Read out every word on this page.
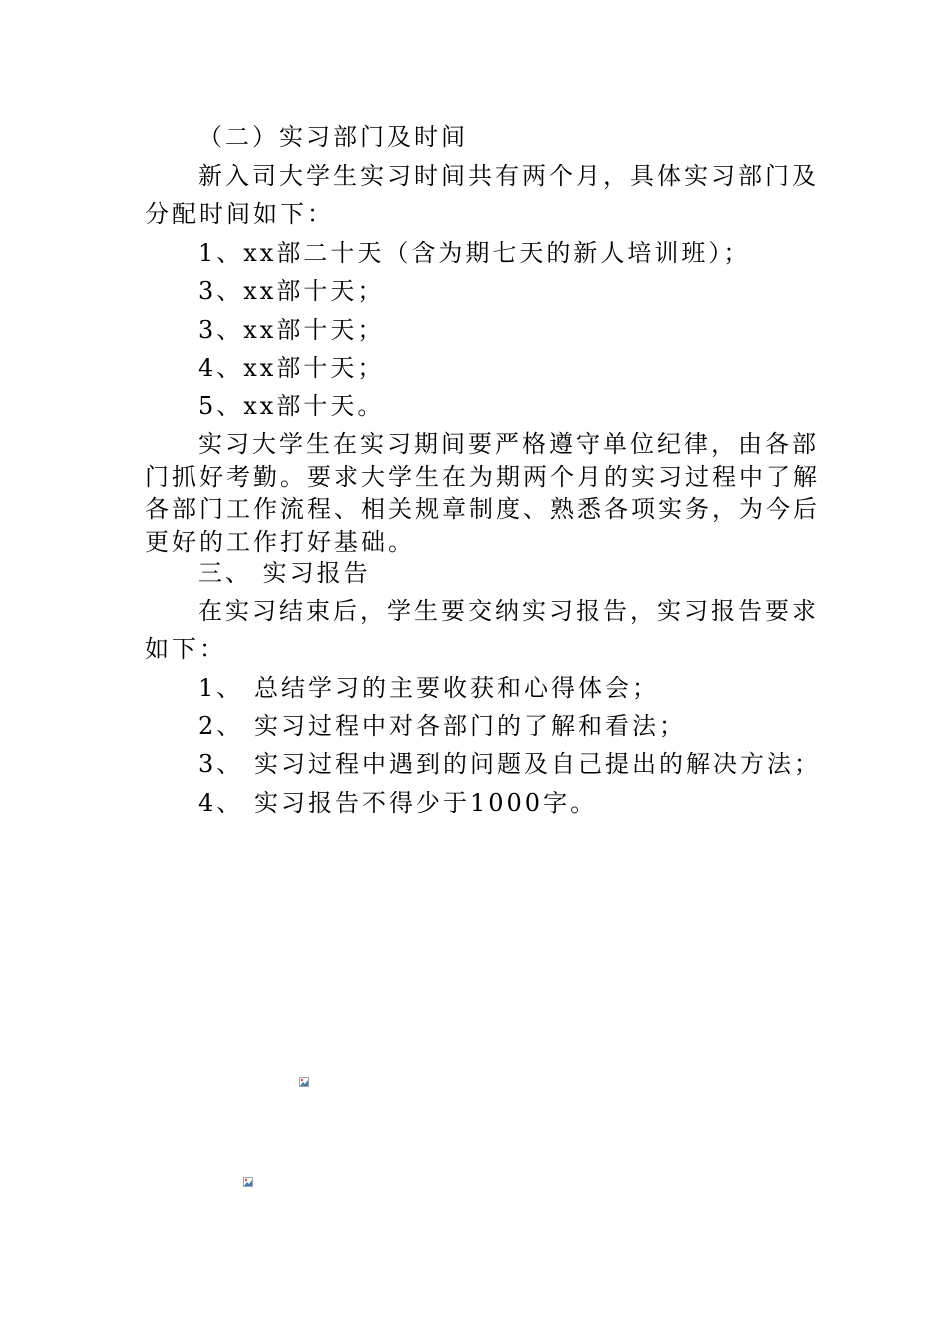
（二）实习部门及时间
新入司大学生实习时间共有两个月，具体实习部门及
分配时间如下：
1、xx部二十天（含为期七天的新人培训班）；
3、xx部十天；
3、xx部十天；
4、xx部十天；
5、xx部十天。
实习大学生在实习期间要严格遵守单位纪律，由各部
门抓好考勤。要求大学生在为期两个月的实习过程中了解
各部门工作流程、相关规章制度、熟悉各项实务，为今后
更好的工作打好基础。
三、 实习报告
在实习结束后，学生要交纳实习报告，实习报告要求
如下：
1、 总结学习的主要收获和心得体会；
2、 实习过程中对各部门的了解和看法；
3、 实习过程中遇到的问题及自己提出的解决方法；
4、 实习报告不得少于1000字。
